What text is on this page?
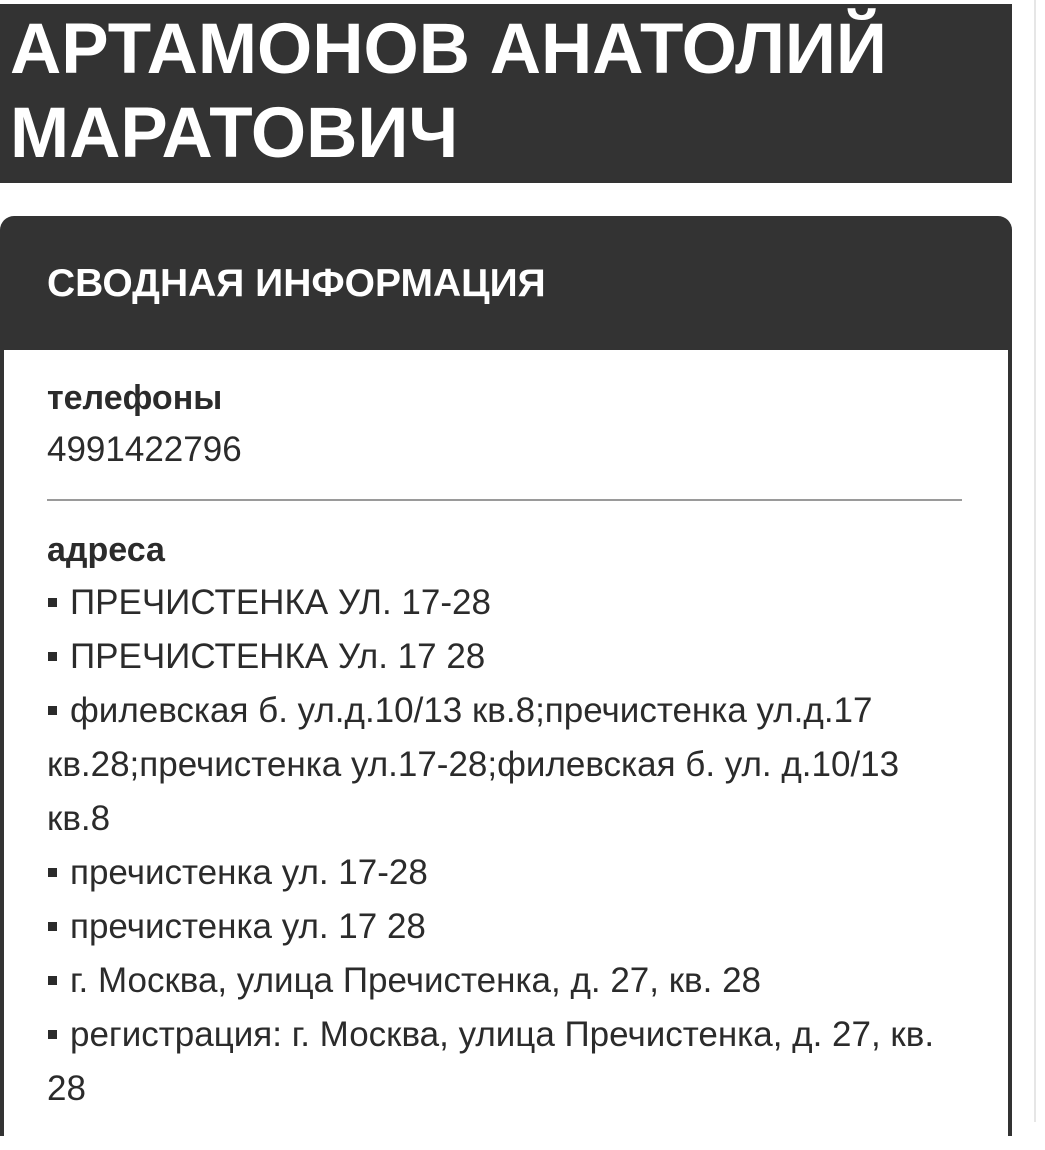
АРТАМОНОВ АНАТОЛИЙ МАРАТОВИЧ
СВОДНАЯ ИНФОРМАЦИЯ

телефоны

4991422796

адреса

ПРЕЧИСТЕНКА УЛ. 17-28
ПРЕЧИСТЕНКА Ул. 17 28
филевская б. ул.д.10/13 кв.8;пречистенка ул.д.17 кв.28;пречистенка ул.17-28;филевская б. ул. д.10/13 кв.8
пречистенка ул. 17-28
пречистенка ул. 17 28
г. Москва, улица Пречистенка, д. 27, кв. 28
регистрация: г. Москва, улица Пречистенка, д. 27, кв. 28
